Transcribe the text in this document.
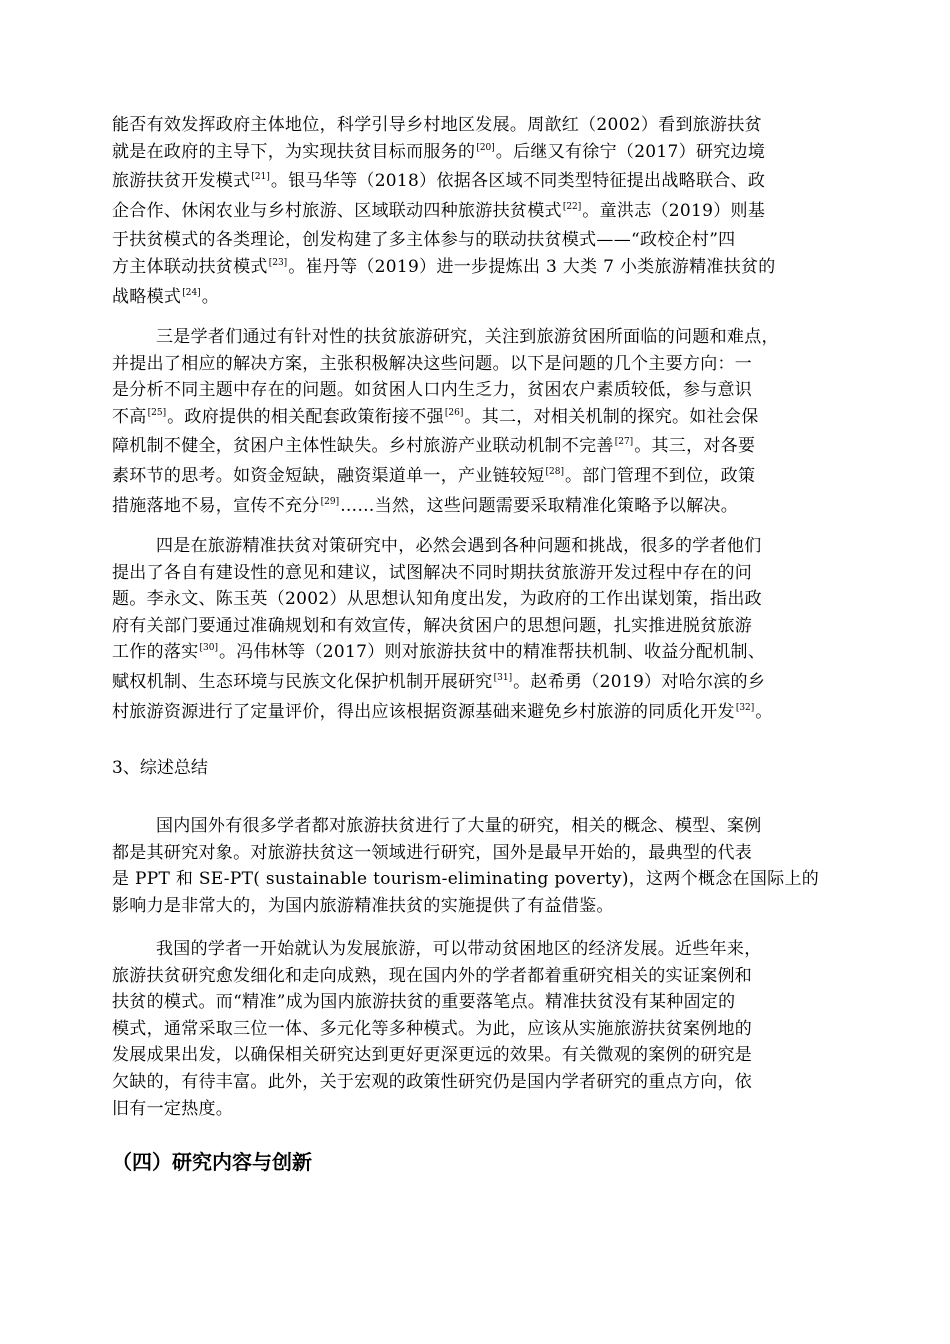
能否有效发挥政府主体地位，科学引导乡村地区发展。周歆红（2002）看到旅游扶贫
就是在政府的主导下，为实现扶贫目标而服务的[20]。后继又有徐宁（2017）研究边境
旅游扶贫开发模式[21]。银马华等（2018）依据各区域不同类型特征提出战略联合、政
企合作、休闲农业与乡村旅游、区域联动四种旅游扶贫模式[22]。童洪志（2019）则基
于扶贫模式的各类理论，创发构建了多主体参与的联动扶贫模式——“政校企村”四
方主体联动扶贫模式[23]。崔丹等（2019）进一步提炼出 3 大类 7 小类旅游精准扶贫的
战略模式[24]。
三是学者们通过有针对性的扶贫旅游研究，关注到旅游贫困所面临的问题和难点，
并提出了相应的解决方案，主张积极解决这些问题。以下是问题的几个主要方向：一
是分析不同主题中存在的问题。如贫困人口内生乏力，贫困农户素质较低，参与意识
不高[25]。政府提供的相关配套政策衔接不强[26]。其二，对相关机制的探究。如社会保
障机制不健全，贫困户主体性缺失。乡村旅游产业联动机制不完善[27]。其三，对各要
素环节的思考。如资金短缺，融资渠道单一，产业链较短[28]。部门管理不到位，政策
措施落地不易，宣传不充分[29]……当然，这些问题需要采取精准化策略予以解决。
四是在旅游精准扶贫对策研究中，必然会遇到各种问题和挑战，很多的学者他们
提出了各自有建设性的意见和建议，试图解决不同时期扶贫旅游开发过程中存在的问
题。李永文、陈玉英（2002）从思想认知角度出发，为政府的工作出谋划策，指出政
府有关部门要通过准确规划和有效宣传，解决贫困户的思想问题，扎实推进脱贫旅游
工作的落实[30]。冯伟林等（2017）则对旅游扶贫中的精准帮扶机制、收益分配机制、
赋权机制、生态环境与民族文化保护机制开展研究[31]。赵希勇（2019）对哈尔滨的乡
村旅游资源进行了定量评价，得出应该根据资源基础来避免乡村旅游的同质化开发[32]。
3、综述总结
国内国外有很多学者都对旅游扶贫进行了大量的研究，相关的概念、模型、案例
都是其研究对象。对旅游扶贫这一领域进行研究，国外是最早开始的，最典型的代表
是 PPT 和 SE-PT( sustainable tourism-eliminating poverty)，这两个概念在国际上的
影响力是非常大的，为国内旅游精准扶贫的实施提供了有益借鉴。
我国的学者一开始就认为发展旅游，可以带动贫困地区的经济发展。近些年来，
旅游扶贫研究愈发细化和走向成熟，现在国内外的学者都着重研究相关的实证案例和
扶贫的模式。而“精准”成为国内旅游扶贫的重要落笔点。精准扶贫没有某种固定的
模式，通常采取三位一体、多元化等多种模式。为此，应该从实施旅游扶贫案例地的
发展成果出发，以确保相关研究达到更好更深更远的效果。有关微观的案例的研究是
欠缺的，有待丰富。此外，关于宏观的政策性研究仍是国内学者研究的重点方向，依
旧有一定热度。
（四）研究内容与创新
